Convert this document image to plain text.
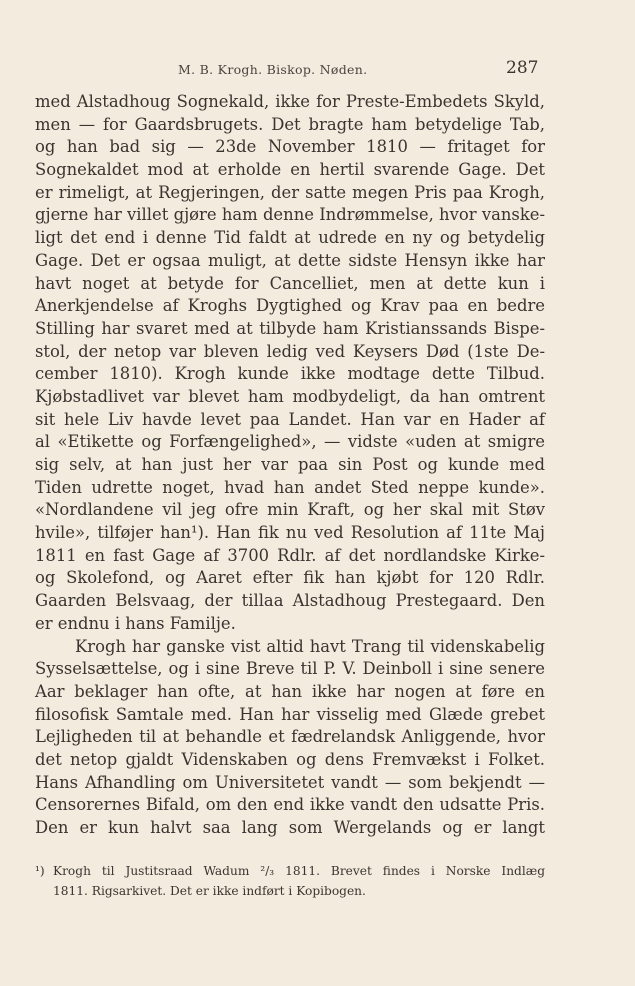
M. B. Krogh. Biskop. Nøden.	287
med Alstadhoug Sognekald, ikke for Preste-Embedets Skyld,
men — for Gaardsbrugets. Det bragte ham betydelige Tab,
og han bad sig — 23de November 1810 — fritaget for
Sognekaldet mod at erholde en hertil svarende Gage. Det
er rimeligt, at Regjeringen, der satte megen Pris paa Krogh,
gjerne har villet gjøre ham denne Indrømmelse, hvor vanske-
ligt det end i denne Tid faldt at udrede en ny og betydelig
Gage. Det er ogsaa muligt, at dette sidste Hensyn ikke har
havt noget at betyde for Cancelliet, men at dette kun i
Anerkjendelse af Kroghs Dygtighed og Krav paa en bedre
Stilling har svaret med at tilbyde ham Kristianssands Bispe-
stol, der netop var bleven ledig ved Keysers Død (1ste De-
cember 1810). Krogh kunde ikke modtage dette Tilbud.
Kjøbstadlivet var blevet ham modbydeligt, da han omtrent
sit hele Liv havde levet paa Landet. Han var en Hader af
al «Etikette og Forfængelighed», — vidste «uden at smigre
sig selv, at han just her var paa sin Post og kunde med
Tiden udrette noget, hvad han andet Sted neppe kunde».
«Nordlandene vil jeg ofre min Kraft, og her skal mit Støv
hvile», tilføjer han¹). Han fik nu ved Resolution af 11te Maj
1811 en fast Gage af 3700 Rdlr. af det nordlandske Kirke-
og Skolefond, og Aaret efter fik han kjøbt for 120 Rdlr.
Gaarden Belsvaag, der tillaa Alstadhoug Prestegaard. Den
er endnu i hans Familje.
Krogh har ganske vist altid havt Trang til videnskabelig
Sysselsættelse, og i sine Breve til P. V. Deinboll i sine senere
Aar beklager han ofte, at han ikke har nogen at føre en
filosofisk Samtale med. Han har visselig med Glæde grebet
Lejligheden til at behandle et fædrelandsk Anliggende, hvor
det netop gjaldt Videnskaben og dens Fremvækst i Folket.
Hans Afhandling om Universitetet vandt — som bekjendt —
Censorernes Bifald, om den end ikke vandt den udsatte Pris.
Den er kun halvt saa lang som Wergelands og er langt
¹) Krogh til Justitsraad Wadum ²/₃ 1811. Brevet findes i Norske Indlæg
1811. Rigsarkivet. Det er ikke indført i Kopibogen.
